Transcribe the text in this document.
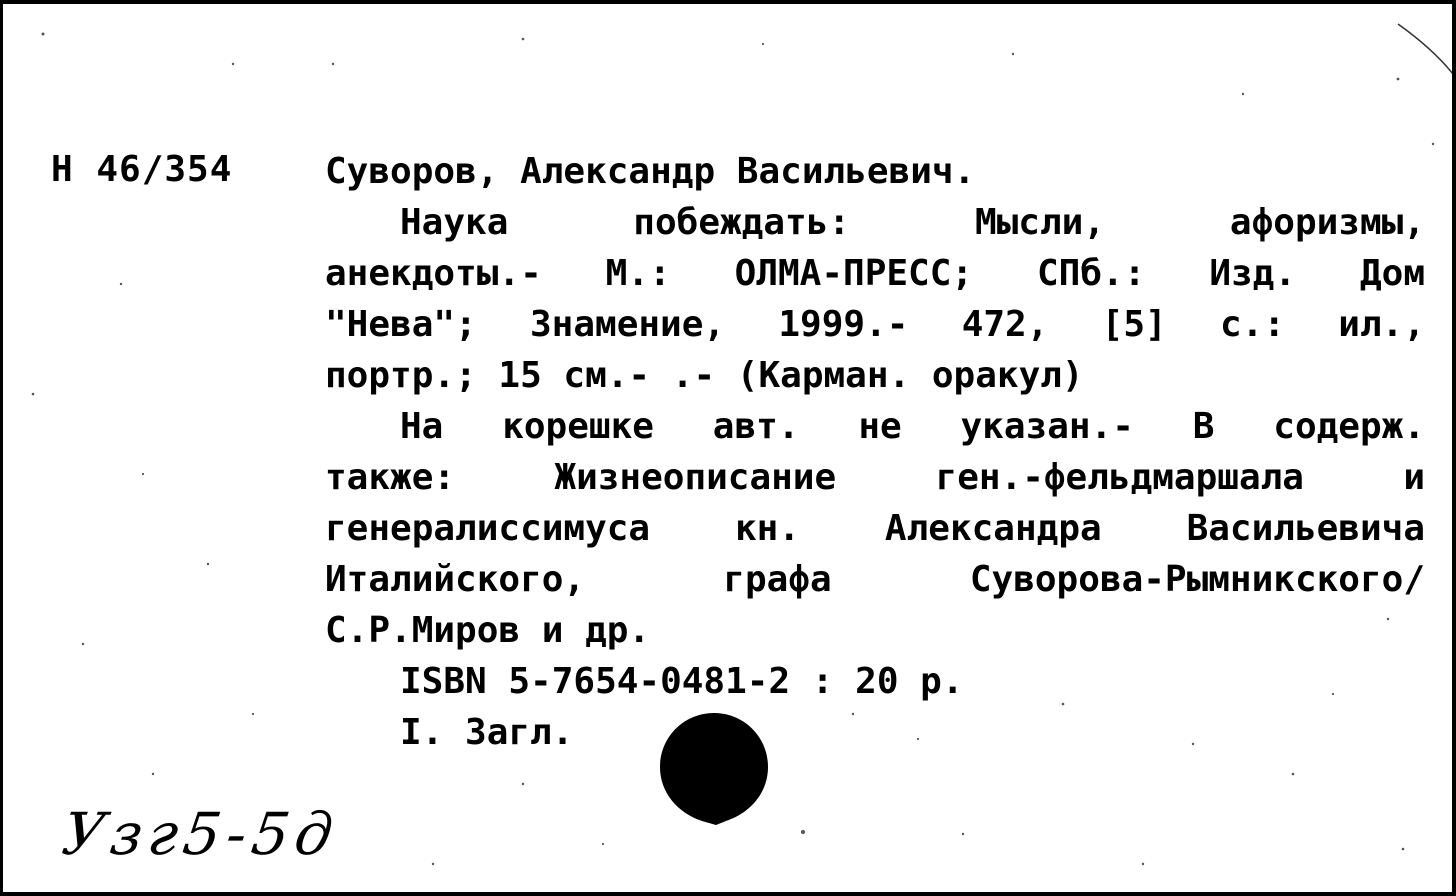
Н 46/354	Суворов, Александр Васильевич.
Наука побеждать: Мысли, афоризмы,
анекдоты.- М.: ОЛМА-ПРЕСС; СПб.: Изд. Дом
"Нева"; Знамение, 1999.- 472, [5] с.: ил.,
портр.; 15 см.- .- (Карман. оракул)
На корешке авт. не указан.- В содерж.
также: Жизнеописание ген.-фельдмаршала и
генералиссимуса кн. Александра Васильевича
Италийского, графа Суворова-Рымникского/
С.Р.Миров и др.
ISBN 5-7654-0481-2 : 20 р.
I. Загл.
Узг5-5д
